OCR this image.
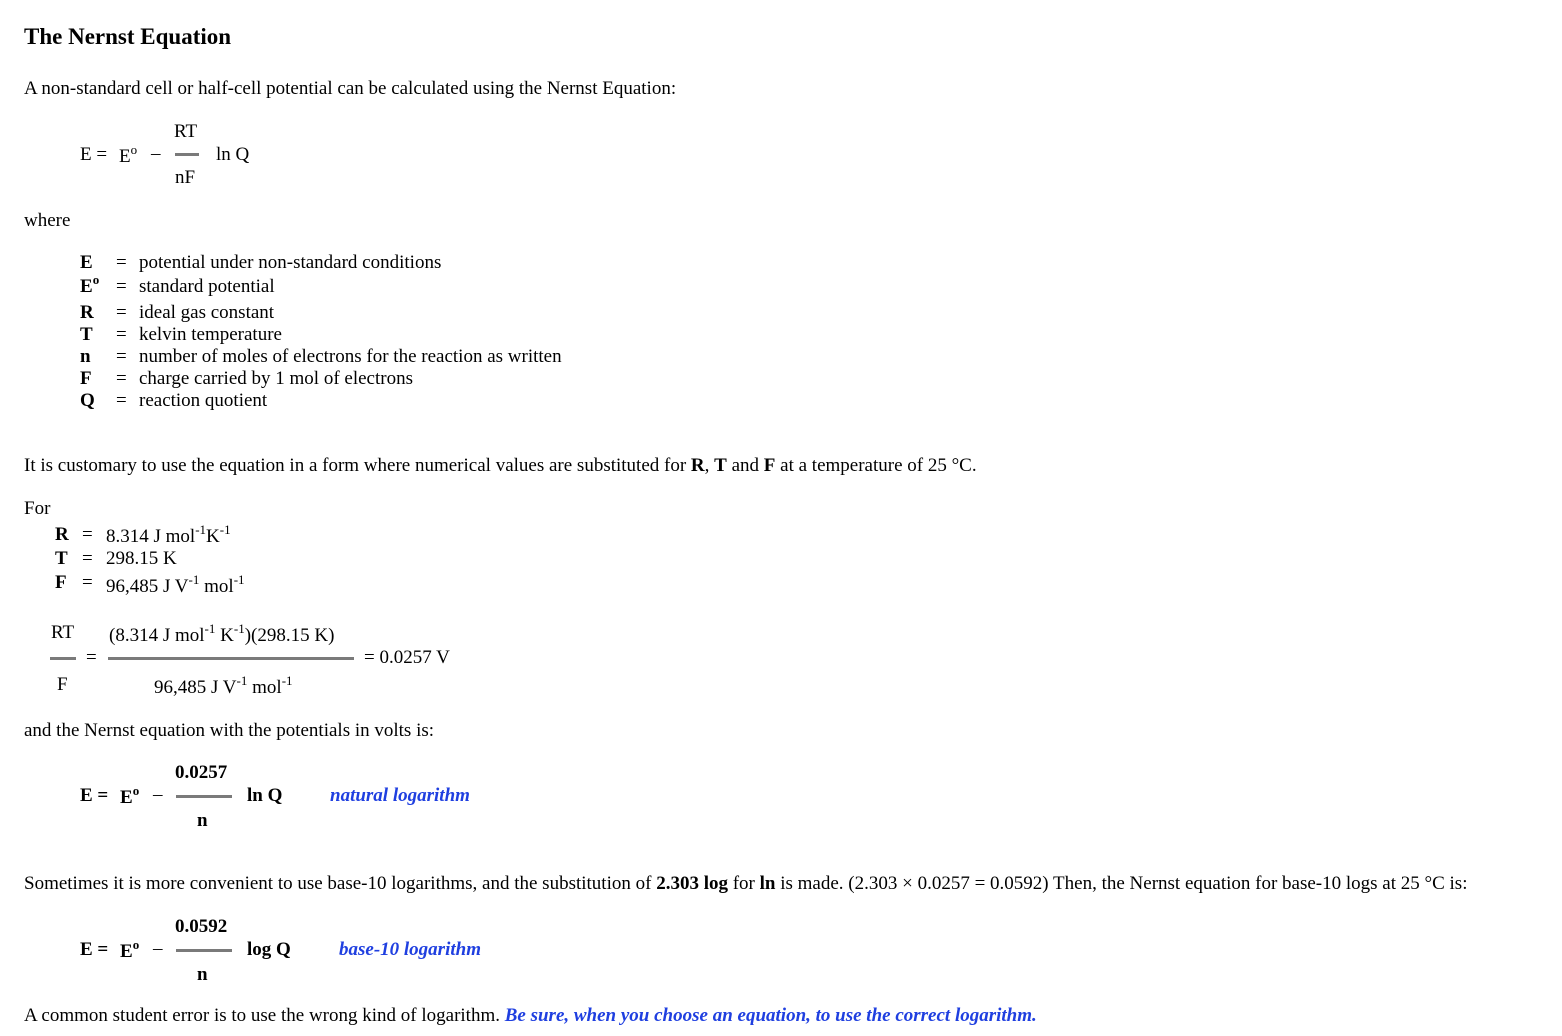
The Nernst Equation
A non-standard cell or half-cell potential can be calculated using the Nernst Equation:
$E = E^o$ –
RT
nF
ln Q
where
E = potential under non-standard conditions
$E^o$ = standard potential
R = ideal gas constant
T = kelvin temperature
n = number of moles of electrons for the reaction as written
F = charge carried by 1 mol of electrons
Q = reaction quotient
It is customary to use the equation in a form where numerical values are substituted for R, T and F at a temperature of 25 °C.
For
R = 8.314 J $mol^{-1}K^{-1}$
T = 298.15 K
F = 96,485 J $V^{-1}$ mol$^{-1}$
RT
F
=
(8.314 J mol$^{-1}$ $K^{-1})(298.15$ K)
96,485 J $V^{-1}$ mol$^{-1}$
= 0.0257 V
and the Nernst equation with the potentials in volts is:
$E = E^o$ –
0.0257
n
ln Q	natural logarithm
Sometimes it is more convenient to use base-10 logarithms, and the substitution of 2.303 log for ln is made. (2.303 × 0.0257 = 0.0592) Then, the Nernst equation for base-10 logs at 25 °C is:
$E = E^o$ –
0.0592
n
log Q	base-10 logarithm
A common student error is to use the wrong kind of logarithm. Be sure, when you choose an equation, to use the correct logarithm.
